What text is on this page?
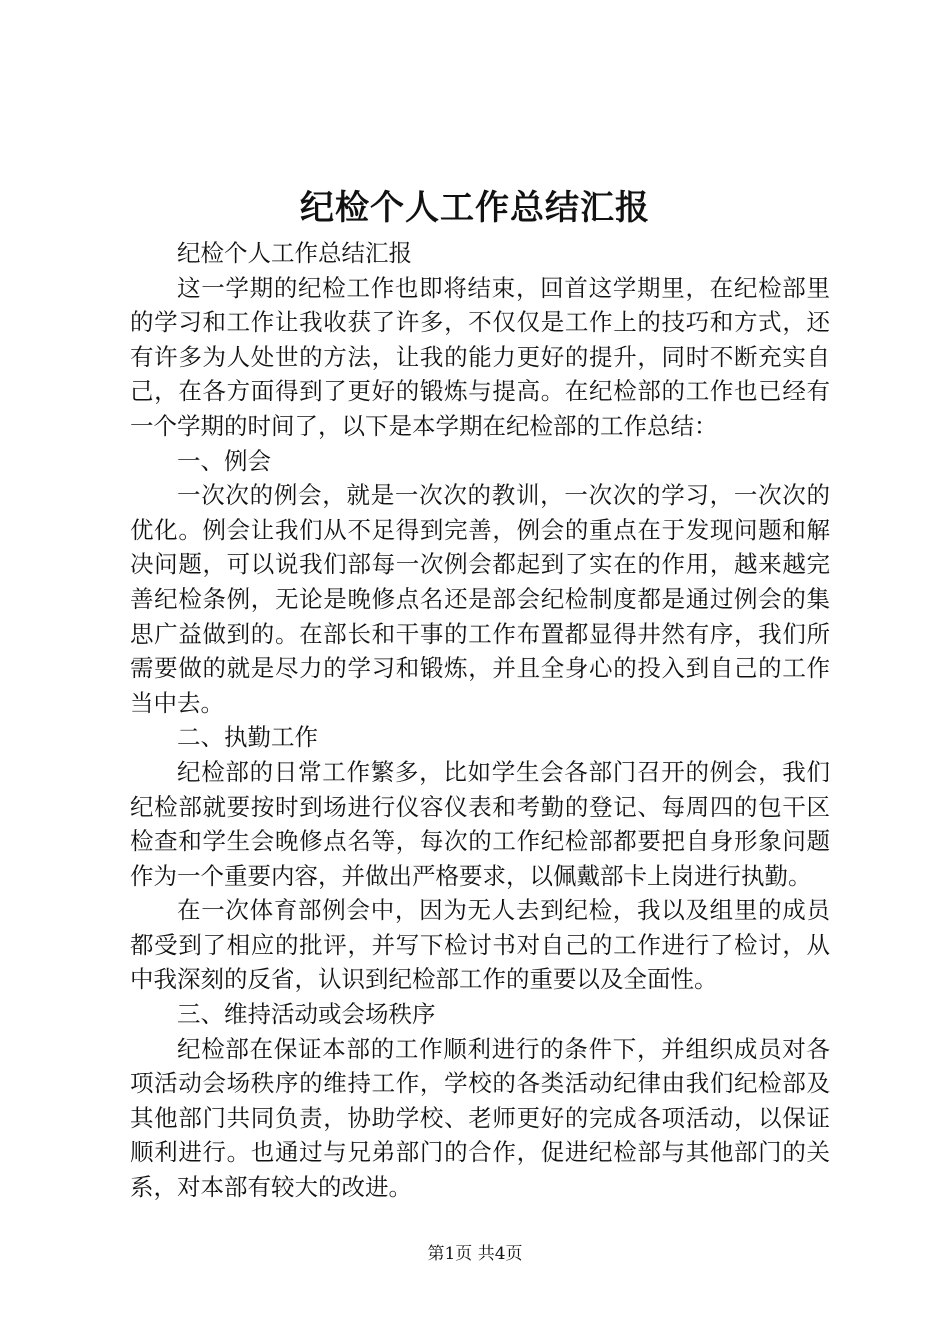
纪检个人工作总结汇报

纪检个人工作总结汇报

这一学期的纪检工作也即将结束，回首这学期里，在纪检部里的学习和工作让我收获了许多，不仅仅是工作上的技巧和方式，还有许多为人处世的方法，让我的能力更好的提升，同时不断充实自己，在各方面得到了更好的锻炼与提高。在纪检部的工作也已经有一个学期的时间了，以下是本学期在纪检部的工作总结：

一、例会

一次次的例会，就是一次次的教训，一次次的学习，一次次的优化。例会让我们从不足得到完善，例会的重点在于发现问题和解决问题，可以说我们部每一次例会都起到了实在的作用，越来越完善纪检条例，无论是晚修点名还是部会纪检制度都是通过例会的集思广益做到的。在部长和干事的工作布置都显得井然有序，我们所需要做的就是尽力的学习和锻炼，并且全身心的投入到自己的工作当中去。

二、执勤工作

纪检部的日常工作繁多，比如学生会各部门召开的例会，我们纪检部就要按时到场进行仪容仪表和考勤的登记、每周四的包干区检查和学生会晚修点名等，每次的工作纪检部都要把自身形象问题作为一个重要内容，并做出严格要求，以佩戴部卡上岗进行执勤。

在一次体育部例会中，因为无人去到纪检，我以及组里的成员都受到了相应的批评，并写下检讨书对自己的工作进行了检讨，从中我深刻的反省，认识到纪检部工作的重要以及全面性。

三、维持活动或会场秩序

纪检部在保证本部的工作顺利进行的条件下，并组织成员对各项活动会场秩序的维持工作，学校的各类活动纪律由我们纪检部及其他部门共同负责，协助学校、老师更好的完成各项活动，以保证顺利进行。也通过与兄弟部门的合作，促进纪检部与其他部门的关系，对本部有较大的改进。

第1页 共4页
